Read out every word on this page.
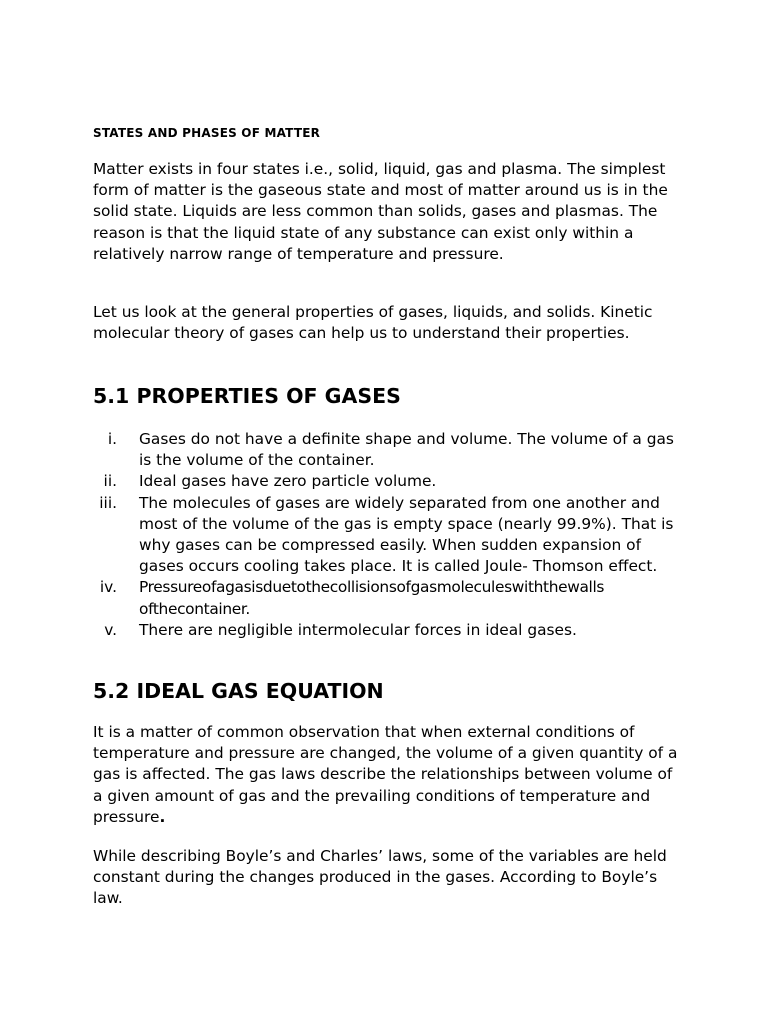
STATES AND PHASES OF MATTER

Matter exists in four states i.e., solid, liquid, gas and plasma. The simplest form of matter is the gaseous state and most of matter around us is in the solid state. Liquids are less common than solids, gases and plasmas. The reason is that the liquid state of any substance can exist only within a relatively narrow range of temperature and pressure.

Let us look at the general properties of gases, liquids, and solids. Kinetic molecular theory of gases can help us to understand their properties.

5.1 PROPERTIES OF GASES
i. Gases do not have a definite shape and volume. The volume of a gas is the volume of the container.
ii. Ideal gases have zero particle volume.
iii. The molecules of gases are widely separated from one another and most of the volume of the gas is empty space (nearly 99.9%). That is why gases can be compressed easily. When sudden expansion of gases occurs cooling takes place. It is called Joule- Thomson effect.
iv. Pressureofagasisduetothecollisionsofgasmoleculeswiththewalls ofthecontainer.
v. There are negligible intermolecular forces in ideal gases.
5.2 IDEAL GAS EQUATION

It is a matter of common observation that when external conditions of temperature and pressure are changed, the volume of a given quantity of a gas is affected. The gas laws describe the relationships between volume of a given amount of gas and the prevailing conditions of temperature and pressure.

While describing Boyle’s and Charles’ laws, some of the variables are held constant during the changes produced in the gases. According to Boyle’s law.
